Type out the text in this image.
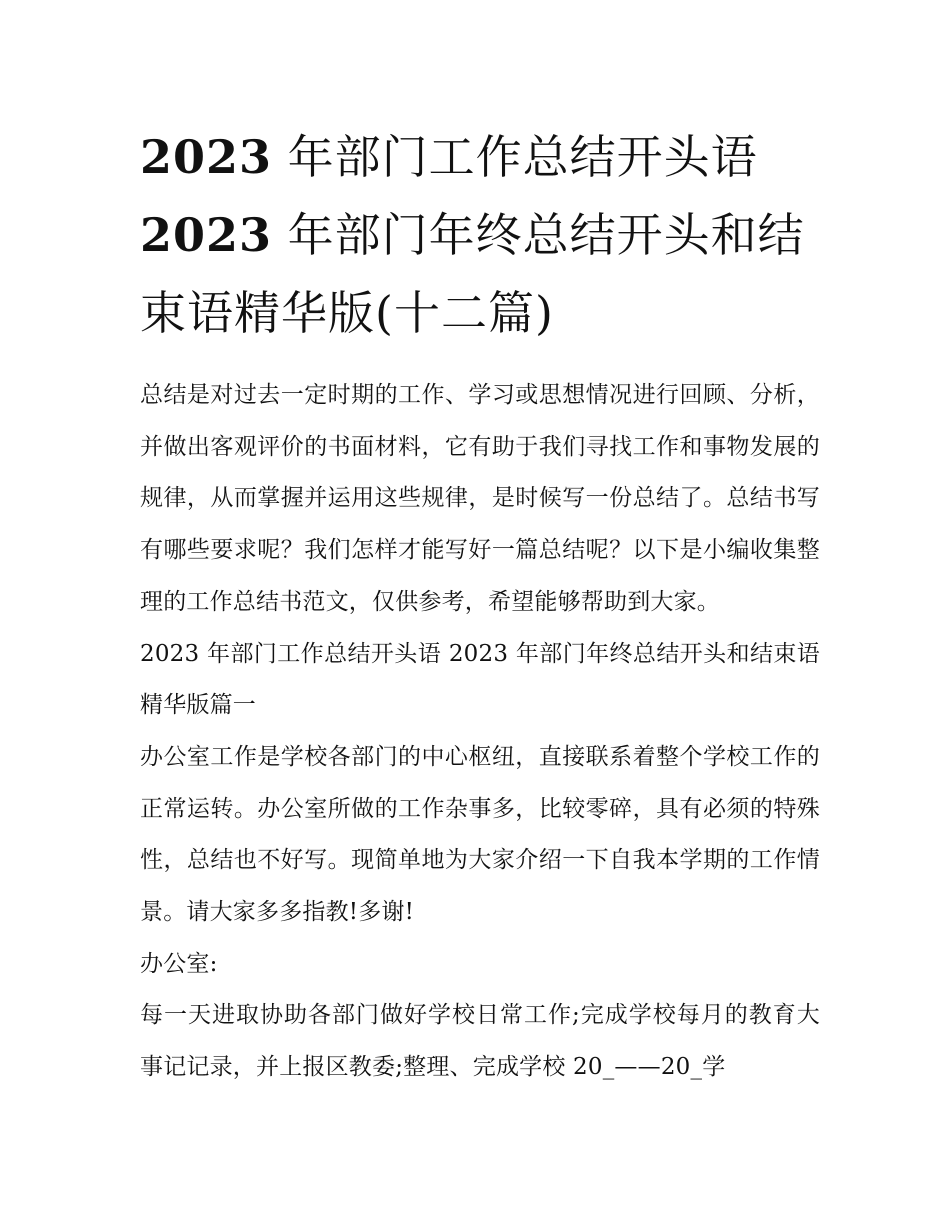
2023 年部门工作总结开头语
2023 年部门年终总结开头和结
束语精华版(十二篇)

总结是对过去一定时期的工作、学习或思想情况进行回顾、分析，并做出客观评价的书面材料，它有助于我们寻找工作和事物发展的规律，从而掌握并运用这些规律，是时候写一份总结了。总结书写有哪些要求呢？我们怎样才能写好一篇总结呢？以下是小编收集整理的工作总结书范文，仅供参考，希望能够帮助到大家。

2023 年部门工作总结开头语 2023 年部门年终总结开头和结束语精华版篇一

办公室工作是学校各部门的中心枢纽，直接联系着整个学校工作的正常运转。办公室所做的工作杂事多，比较零碎，具有必须的特殊性，总结也不好写。现简单地为大家介绍一下自我本学期的工作情景。请大家多多指教!多谢!

办公室:

每一天进取协助各部门做好学校日常工作;完成学校每月的教育大事记记录，并上报区教委;整理、完成学校 20_——20_学
